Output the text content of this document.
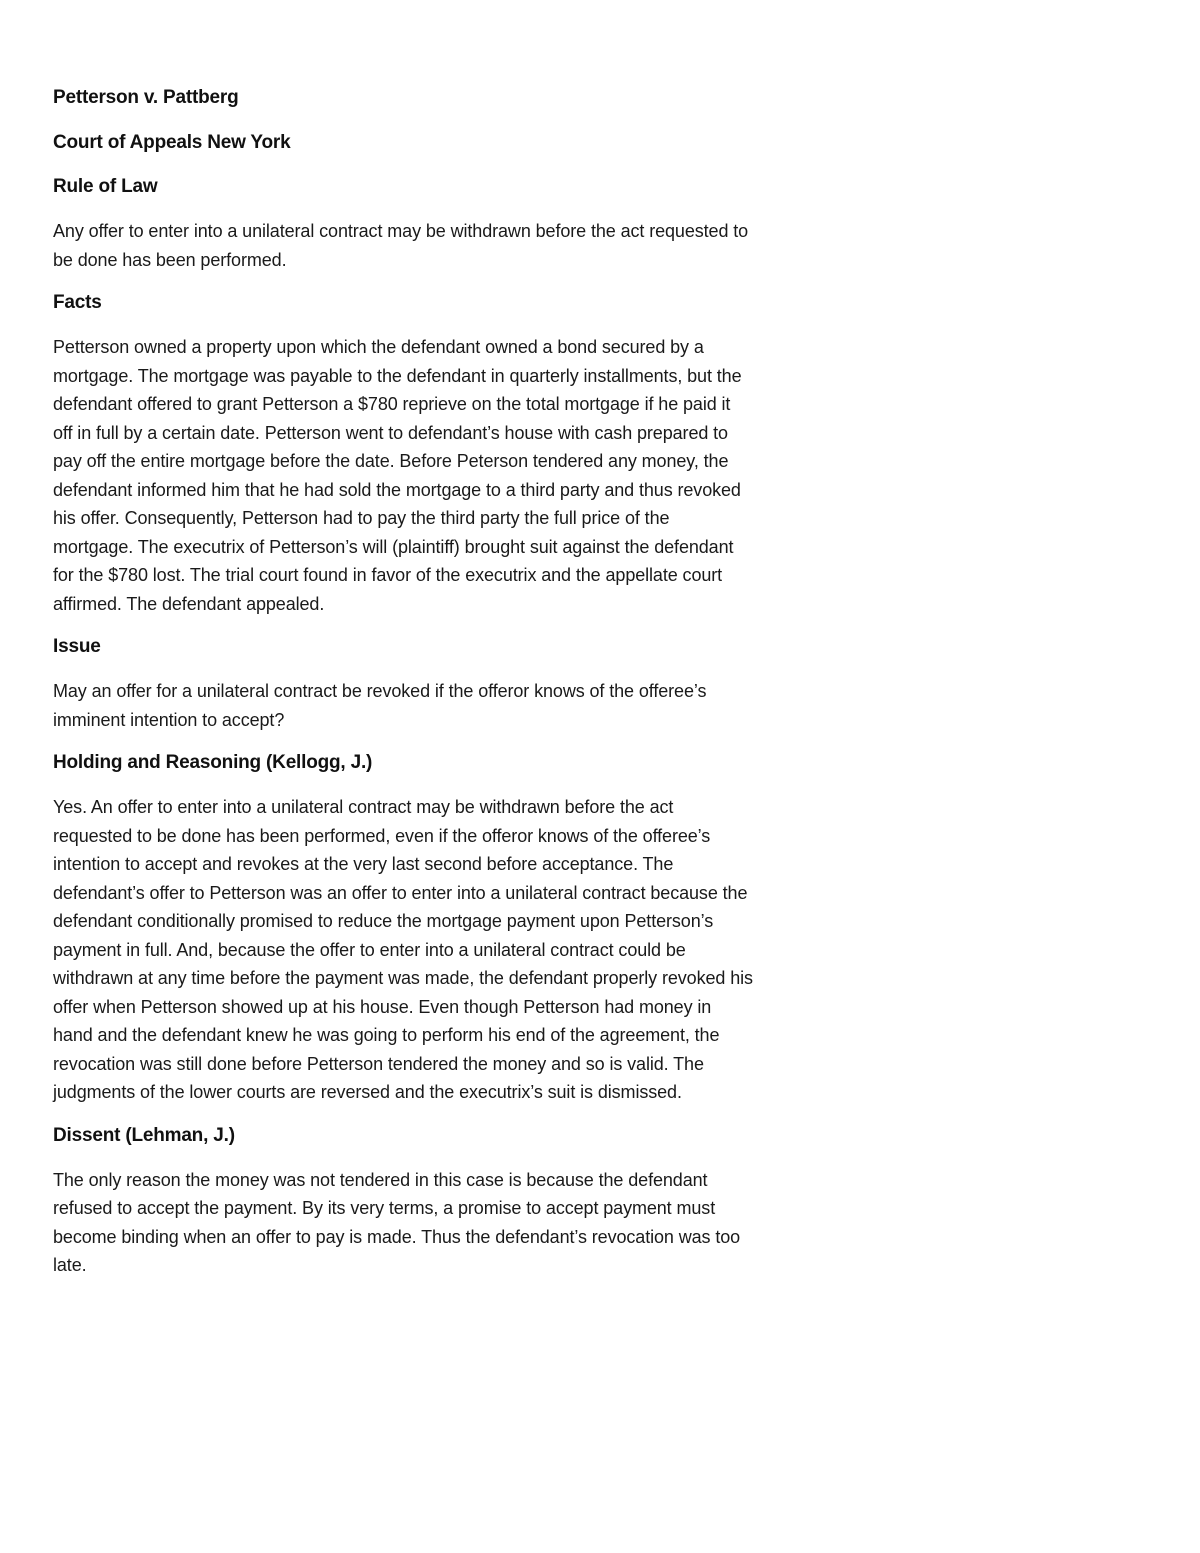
Petterson v. Pattberg
Court of Appeals New York
Rule of Law

Any offer to enter into a unilateral contract may be withdrawn before the act requested to be done has been performed.

Facts

Petterson owned a property upon which the defendant owned a bond secured by a mortgage. The mortgage was payable to the defendant in quarterly installments, but the defendant offered to grant Petterson a $780 reprieve on the total mortgage if he paid it off in full by a certain date. Petterson went to defendant’s house with cash prepared to pay off the entire mortgage before the date. Before Peterson tendered any money, the defendant informed him that he had sold the mortgage to a third party and thus revoked his offer. Consequently, Petterson had to pay the third party the full price of the mortgage. The executrix of Petterson’s will (plaintiff) brought suit against the defendant for the $780 lost. The trial court found in favor of the executrix and the appellate court affirmed. The defendant appealed.

Issue

May an offer for a unilateral contract be revoked if the offeror knows of the offeree’s imminent intention to accept?

Holding and Reasoning (Kellogg, J.)

Yes. An offer to enter into a unilateral contract may be withdrawn before the act requested to be done has been performed, even if the offeror knows of the offeree’s intention to accept and revokes at the very last second before acceptance. The defendant’s offer to Petterson was an offer to enter into a unilateral contract because the defendant conditionally promised to reduce the mortgage payment upon Petterson’s payment in full. And, because the offer to enter into a unilateral contract could be withdrawn at any time before the payment was made, the defendant properly revoked his offer when Petterson showed up at his house. Even though Petterson had money in hand and the defendant knew he was going to perform his end of the agreement, the revocation was still done before Petterson tendered the money and so is valid. The judgments of the lower courts are reversed and the executrix’s suit is dismissed.

Dissent (Lehman, J.)

The only reason the money was not tendered in this case is because the defendant refused to accept the payment. By its very terms, a promise to accept payment must become binding when an offer to pay is made. Thus the defendant’s revocation was too late.
